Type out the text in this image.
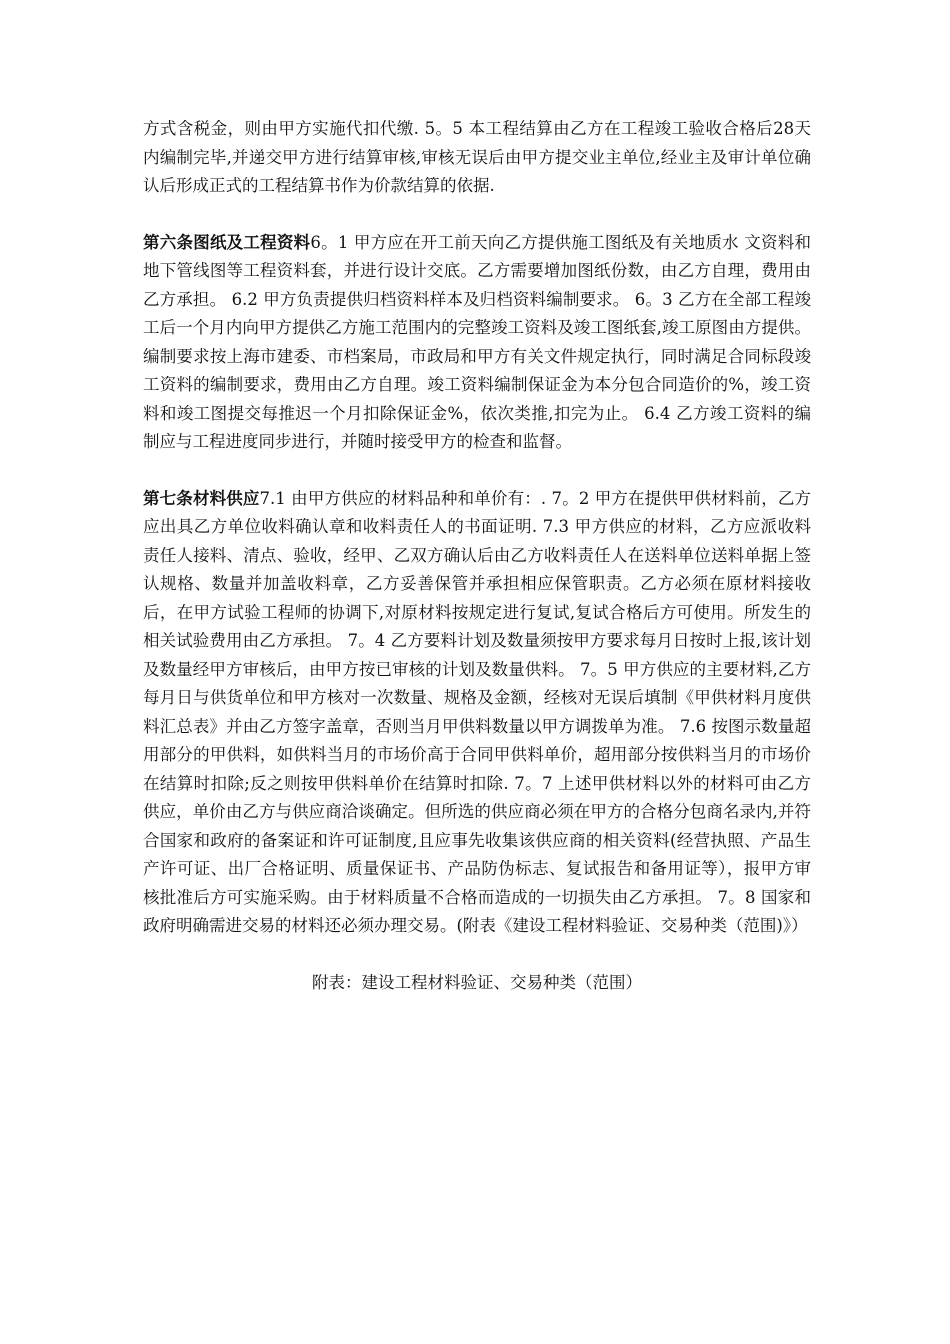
方式含税金，则由甲方实施代扣代缴. 5。5 本工程结算由乙方在工程竣工验收合格后28天内编制完毕,并递交甲方进行结算审核,审核无误后由甲方提交业主单位,经业主及审计单位确认后形成正式的工程结算书作为价款结算的依据.

第六条图纸及工程资料6。1 甲方应在开工前天向乙方提供施工图纸及有关地质水 文资料和地下管线图等工程资料套，并进行设计交底。乙方需要增加图纸份数，由乙方自理，费用由乙方承担。 6.2 甲方负责提供归档资料样本及归档资料编制要求。 6。3 乙方在全部工程竣工后一个月内向甲方提供乙方施工范围内的完整竣工资料及竣工图纸套,竣工原图由方提供。编制要求按上海市建委、市档案局，市政局和甲方有关文件规定执行，同时满足合同标段竣工资料的编制要求，费用由乙方自理。竣工资料编制保证金为本分包合同造价的%，竣工资料和竣工图提交每推迟一个月扣除保证金%，依次类推,扣完为止。 6.4 乙方竣工资料的编制应与工程进度同步进行，并随时接受甲方的检查和监督。

第七条材料供应7.1 由甲方供应的材料品种和单价有：. 7。2 甲方在提供甲供材料前，乙方应出具乙方单位收料确认章和收料责任人的书面证明. 7.3 甲方供应的材料，乙方应派收料责任人接料、清点、验收，经甲、乙双方确认后由乙方收料责任人在送料单位送料单据上签认规格、数量并加盖收料章，乙方妥善保管并承担相应保管职责。乙方必须在原材料接收后，在甲方试验工程师的协调下,对原材料按规定进行复试,复试合格后方可使用。所发生的相关试验费用由乙方承担。 7。4 乙方要料计划及数量须按甲方要求每月日按时上报,该计划及数量经甲方审核后，由甲方按已审核的计划及数量供料。 7。5 甲方供应的主要材料,乙方每月日与供货单位和甲方核对一次数量、规格及金额，经核对无误后填制《甲供材料月度供料汇总表》并由乙方签字盖章，否则当月甲供料数量以甲方调拨单为准。 7.6 按图示数量超用部分的甲供料，如供料当月的市场价高于合同甲供料单价，超用部分按供料当月的市场价在结算时扣除;反之则按甲供料单价在结算时扣除. 7。7 上述甲供材料以外的材料可由乙方供应，单价由乙方与供应商洽谈确定。但所选的供应商必须在甲方的合格分包商名录内,并符合国家和政府的备案证和许可证制度,且应事先收集该供应商的相关资料(经营执照、产品生产许可证、出厂合格证明、质量保证书、产品防伪标志、复试报告和备用证等），报甲方审核批准后方可实施采购。由于材料质量不合格而造成的一切损失由乙方承担。 7。8 国家和政府明确需进交易的材料还必须办理交易。(附表《建设工程材料验证、交易种类（范围)》）

附表：建设工程材料验证、交易种类（范围）
